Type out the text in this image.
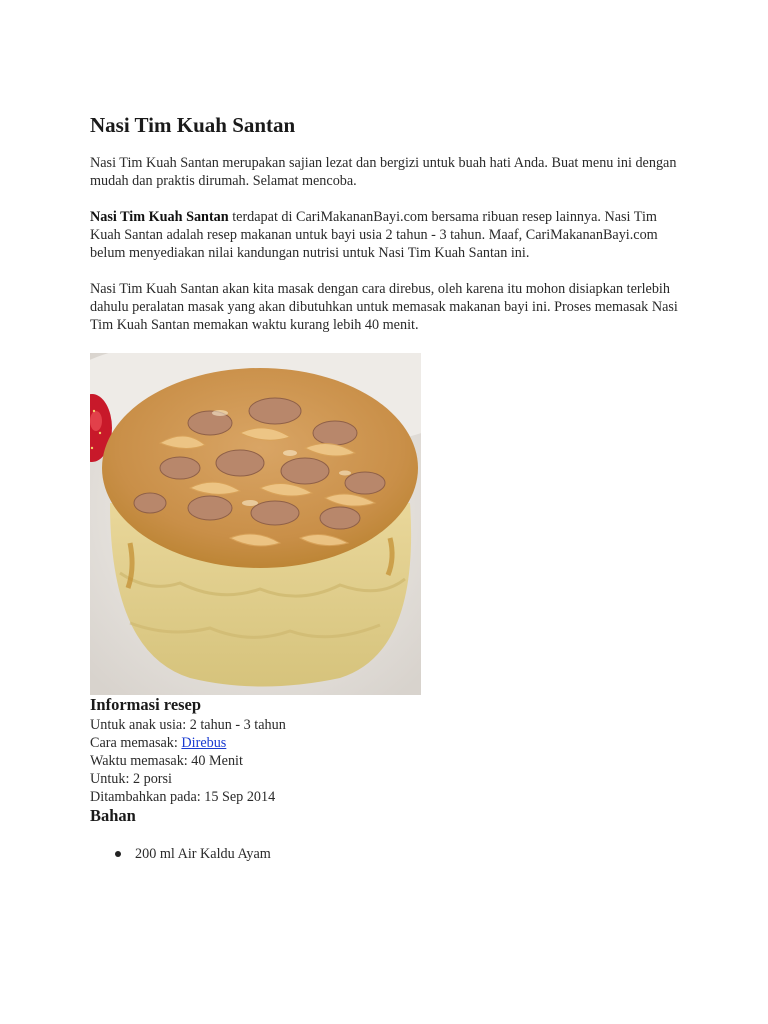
Nasi Tim Kuah Santan

Nasi Tim Kuah Santan merupakan sajian lezat dan bergizi untuk buah hati Anda. Buat menu ini dengan mudah dan praktis dirumah. Selamat mencoba.

Nasi Tim Kuah Santan terdapat di CariMakananBayi.com bersama ribuan resep lainnya. Nasi Tim Kuah Santan adalah resep makanan untuk bayi usia 2 tahun - 3 tahun. Maaf, CariMakananBayi.com belum menyediakan nilai kandungan nutrisi untuk Nasi Tim Kuah Santan ini.

Nasi Tim Kuah Santan akan kita masak dengan cara direbus, oleh karena itu mohon disiapkan terlebih dahulu peralatan masak yang akan dibutuhkan untuk memasak makanan bayi ini. Proses memasak Nasi Tim Kuah Santan memakan waktu kurang lebih 40 menit.

Informasi resep
Untuk anak usia: 2 tahun - 3 tahun
Cara memasak: Direbus
Waktu memasak: 40 Menit
Untuk: 2 porsi
Ditambahkan pada: 15 Sep 2014
Bahan
200 ml Air Kaldu Ayam
